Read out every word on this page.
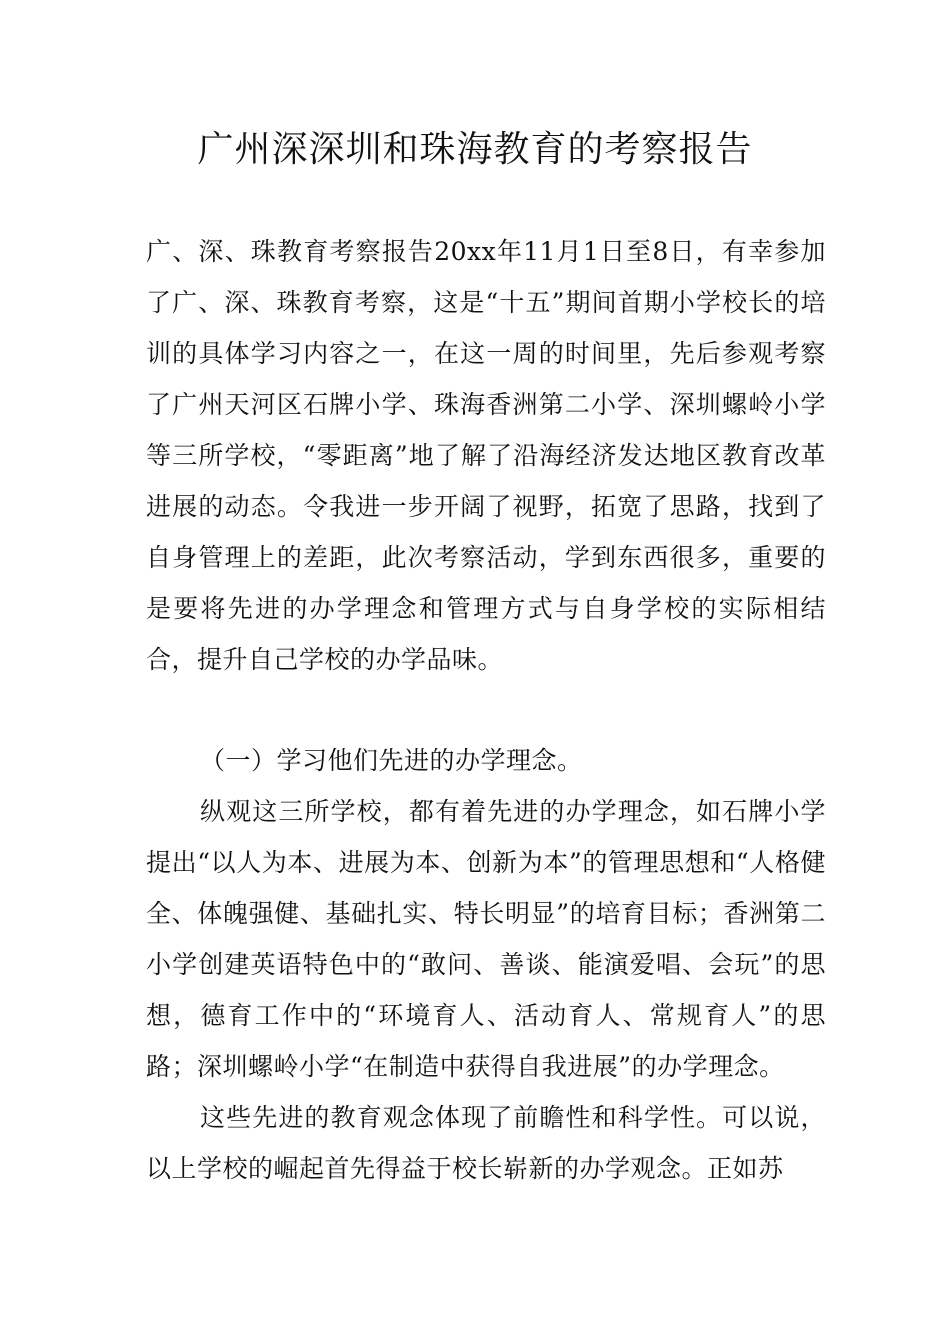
广州深深圳和珠海教育的考察报告

广、深、珠教育考察报告20xx年11月1日至8日，有幸参加了广、深、珠教育考察，这是“十五”期间首期小学校长的培训的具体学习内容之一，在这一周的时间里，先后参观考察了广州天河区石牌小学、珠海香洲第二小学、深圳螺岭小学等三所学校，“零距离”地了解了沿海经济发达地区教育改革进展的动态。令我进一步开阔了视野，拓宽了思路，找到了自身管理上的差距，此次考察活动，学到东西很多，重要的是要将先进的办学理念和管理方式与自身学校的实际相结合，提升自己学校的办学品味。

（一）学习他们先进的办学理念。

纵观这三所学校，都有着先进的办学理念，如石牌小学提出“以人为本、进展为本、创新为本”的管理思想和“人格健全、体魄强健、基础扎实、特长明显”的培育目标；香洲第二小学创建英语特色中的“敢问、善谈、能演爱唱、会玩”的思想，德育工作中的“环境育人、活动育人、常规育人”的思路；深圳螺岭小学“在制造中获得自我进展”的办学理念。

这些先进的教育观念体现了前瞻性和科学性。可以说，以上学校的崛起首先得益于校长崭新的办学观念。正如苏
